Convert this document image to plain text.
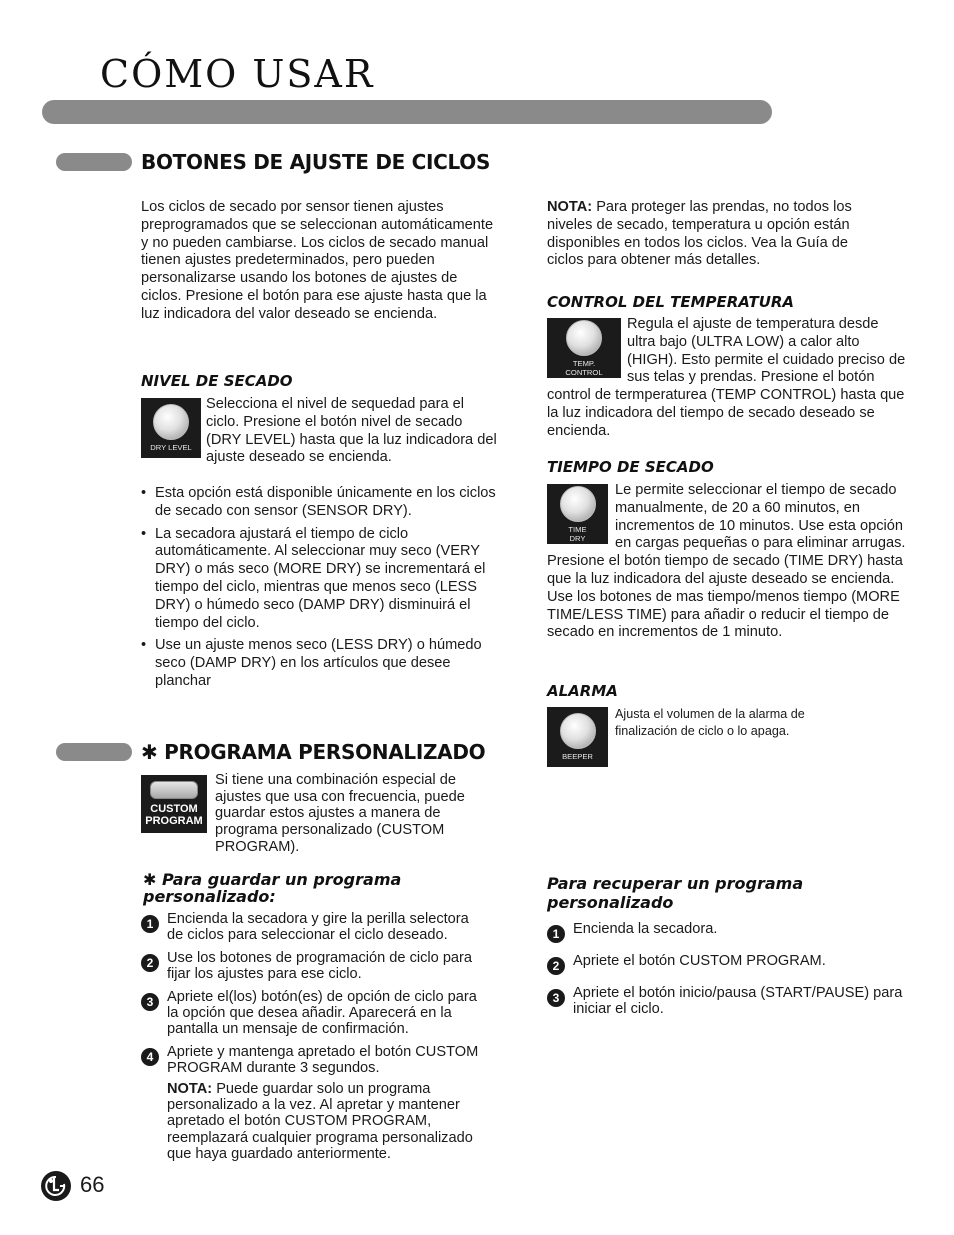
CÓMO USAR
BOTONES DE AJUSTE DE CICLOS
Los ciclos de secado por sensor tienen ajustes preprogramados que se seleccionan automáticamente y no pueden cambiarse. Los ciclos de secado manual tienen ajustes predeterminados, pero pueden personalizarse usando los botones de ajustes de ciclos. Presione el botón para ese ajuste hasta que la luz indicadora del valor deseado se encienda.
NIVEL DE SECADO
DRY LEVEL
Selecciona el nivel de sequedad para el ciclo. Presione el botón nivel de secado (DRY LEVEL) hasta que la luz indicadora del ajuste deseado se encienda.
• Esta opción está disponible únicamente en los ciclos de secado con sensor (SENSOR DRY).
• La secadora ajustará el tiempo de ciclo automáticamente. Al seleccionar muy seco (VERY DRY) o más seco (MORE DRY) se incrementará el tiempo del ciclo, mientras que menos seco (LESS DRY) o húmedo seco (DAMP DRY) disminuirá el tiempo del ciclo.
• Use un ajuste menos seco (LESS DRY) o húmedo seco (DAMP DRY) en los artículos que desee planchar
NOTA: Para proteger las prendas, no todos los niveles de secado, temperatura u opción están disponibles en todos los ciclos. Vea la Guía de ciclos para obtener más detalles.
CONTROL DEL TEMPERATURA
TEMP.
CONTROL
Regula el ajuste de temperatura desde ultra bajo (ULTRA LOW) a calor alto (HIGH). Esto permite el cuidado preciso de sus telas y prendas. Presione el botón control de termperaturea (TEMP CONTROL) hasta que la luz indicadora del tiempo de secado deseado se encienda.
TIEMPO DE SECADO
TIME
DRY
Le permite seleccionar el tiempo de secado manualmente, de 20 a 60 minutos, en incrementos de 10 minutos. Use esta opción en cargas pequeñas o para eliminar arrugas. Presione el botón tiempo de secado (TIME DRY) hasta que la luz indicadora del ajuste deseado se encienda. Use los botones de mas tiempo/menos tiempo (MORE TIME/LESS TIME) para añadir o reducir el tiempo de secado en incrementos de 1 minuto.
ALARMA
BEEPER
Ajusta el volumen de la alarma de finalización de ciclo o lo apaga.
✱ PROGRAMA PERSONALIZADO
CUSTOM
PROGRAM
Si tiene una combinación especial de ajustes que usa con frecuencia, puede guardar estos ajustes a manera de programa personalizado (CUSTOM PROGRAM).
✱ Para guardar un programa personalizado:
1 Encienda la secadora y gire la perilla selectora de ciclos para seleccionar el ciclo deseado.
2 Use los botones de programación de ciclo para fijar los ajustes para ese ciclo.
3 Apriete el(los) botón(es) de opción de ciclo para la opción que desea añadir. Aparecerá en la pantalla un mensaje de confirmación.
4 Apriete y mantenga apretado el botón CUSTOM PROGRAM durante 3 segundos.
NOTA: Puede guardar solo un programa personalizado a la vez. Al apretar y mantener apretado el botón CUSTOM PROGRAM, reemplazará cualquier programa personalizado que haya guardado anteriormente.
Para recuperar un programa personalizado
1 Encienda la secadora.
2 Apriete el botón CUSTOM PROGRAM.
3 Apriete el botón inicio/pausa (START/PAUSE) para iniciar el ciclo.
66
